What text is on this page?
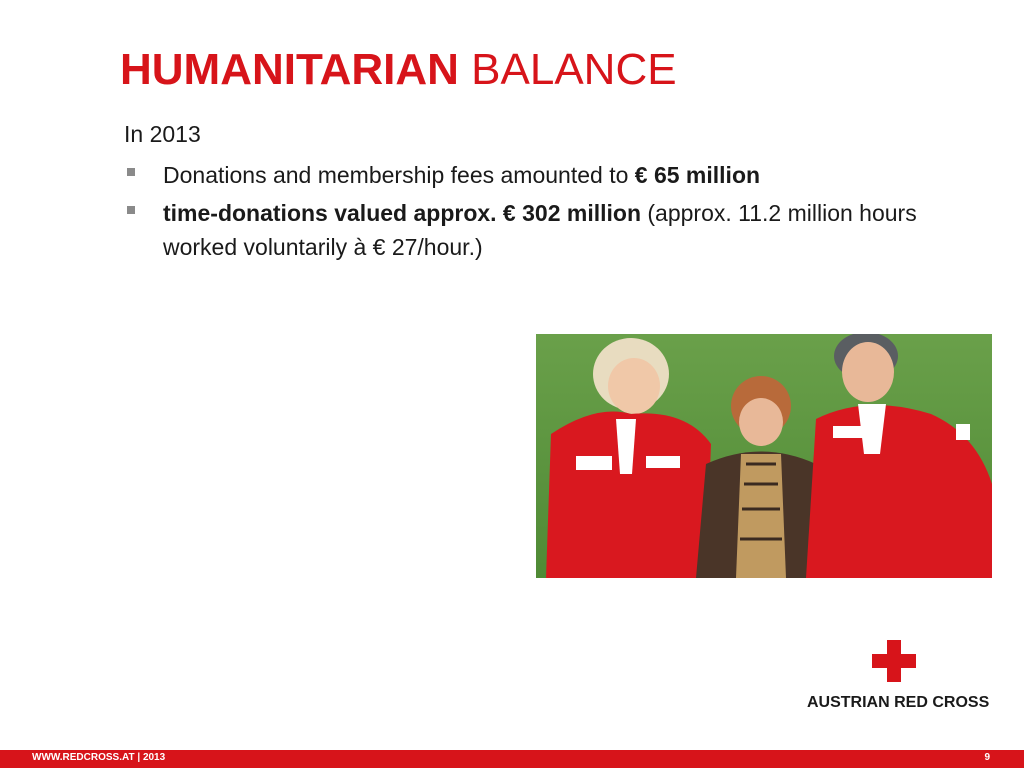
HUMANITARIAN BALANCE
In 2013
Donations and membership fees amounted to € 65 million
time-donations valued approx. € 302 million (approx. 11.2 million hours worked voluntarily à € 27/hour.)
AUSTRIAN RED CROSS
WWW.REDCROSS.AT | 2013	9
